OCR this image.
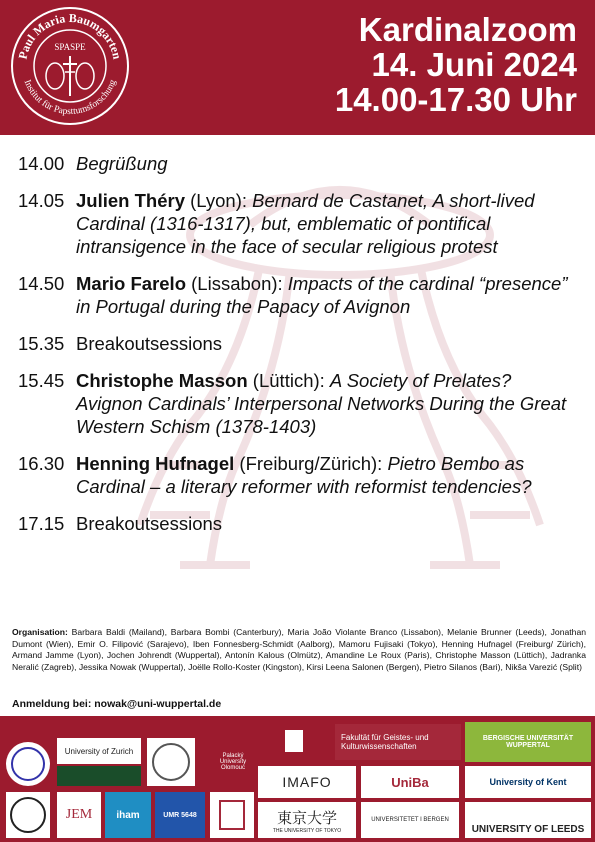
Paul Maria Baumgarten
Institut für Papsttumsforschung
SPASPE	Kardinalzoom
14. Juni 2024
14.00-17.30 Uhr
14.00 Begrüßung
14.05 Julien Théry (Lyon): Bernard de Castanet, A short-lived Cardinal (1316-1317), but, emblematic of pontifical intransigence in the face of secular religious protest
14.50 Mario Farelo (Lissabon): Impacts of the cardinal “presence” in Portugal during the Papacy of Avignon
15.35 Breakoutsessions
15.45 Christophe Masson (Lüttich): A Society of Prelates? Avignon Cardinals’ Interpersonal Networks During the Great Western Schism (1378-1403)
16.30 Henning Hufnagel (Freiburg/Zürich): Pietro Bembo as Cardinal – a literary reformer with reformist tendencies?
17.15 Breakoutsessions
Organisation: Barbara Baldi (Mailand), Barbara Bombi (Canterbury), Maria João Violante Branco (Lissabon), Melanie Brunner (Leeds), Jonathan Dumont (Wien), Emir O. Filipović (Sarajevo), Iben Fonnesberg-Schmidt (Aalborg), Mamoru Fujisaki (Tokyo), Henning Hufnagel (Freiburg/ Zürich), Armand Jamme (Lyon), Jochen Johrendt (Wuppertal), Antonín Kalous (Olmütz), Amandine Le Roux (Paris), Christophe Masson (Lüttich), Jadranka Neralić (Zagreb), Jessika Nowak (Wuppertal), Joëlle Rollo-Koster (Kingston), Kirsi Leena Salonen (Bergen), Pietro Silanos (Bari), Nikša Varezić (Split)
Anmeldung bei: nowak@uni-wuppertal.de
University of Zurich
Palacký University Olomouc
Fakultät für Geistes- und Kulturwissenschaften
BERGISCHE UNIVERSITÄT WUPPERTAL
IMAFO	UniBa	University of Kent
JEM iham	UMR 5648	東京大学
THE UNIVERSITY OF TOKYO
UNIVERSITETET I BERGEN
UNIVERSITY OF LEEDS
